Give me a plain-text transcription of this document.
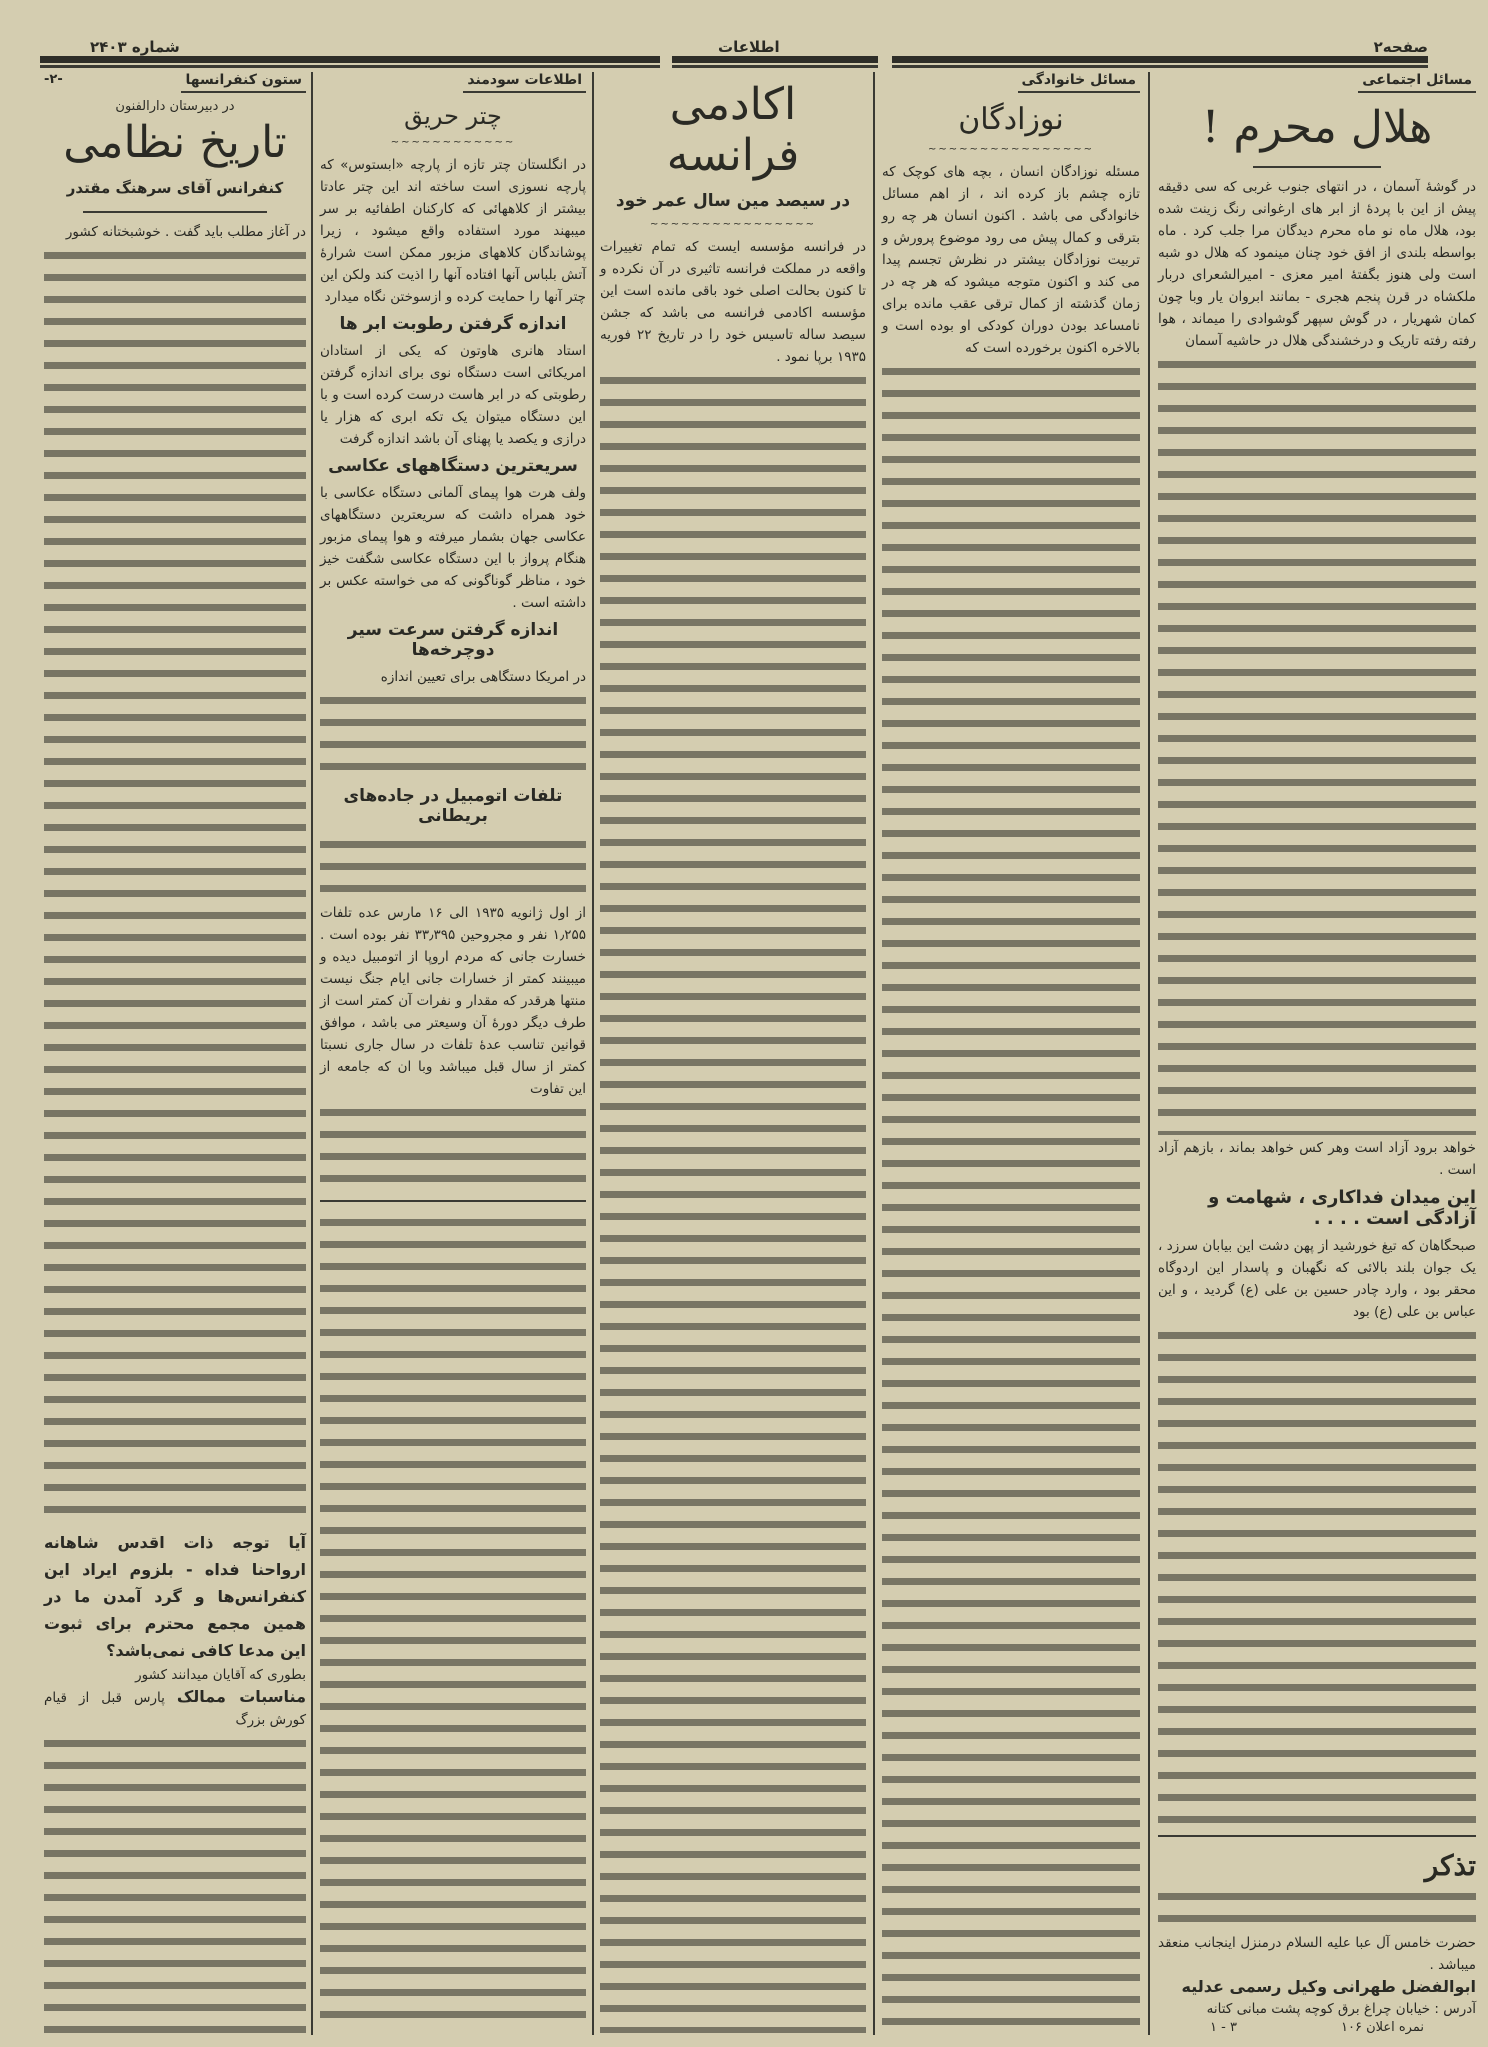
شماره ۲۴۰۳	اطلاعات	صفحه۲
مسائل اجتماعی
هلال محرم !

در گوشهٔ آسمان ، در انتهای جنوب غربی که سی دقیقه پیش از این با پردهٔ از ابر های ارغوانی رنگ زینت شده بود، هلال ماه نو ماه محرم دیدگان مرا جلب کرد . ماه بواسطه بلندی از افق خود چنان مینمود که هلال دو شبه است ولی هنوز بگفتهٔ امیر معزی - امیرالشعرای دربار ملکشاه در قرن پنجم هجری - بمانند ابروان یار وبا چون کمان شهریار ، در گوش سپهر گوشوادی را میماند ، هوا رفته رفته تاریک و درخشندگی هلال در حاشیه آسمان

خواهد برود آزاد است وهر کس خواهد بماند ، بازهم آزاد است .

این میدان فداکاری ، شهامت و آزادگی است . . . .

صبحگاهان که تیغ خورشید از پهن دشت این بیابان سرزد ، یک جوان بلند بالائی که نگهبان و پاسدار این اردوگاه محقر بود ، وارد چادر حسین بن علی (ع) گردید ، و این عباس بن علی (ع) بود

تذکر

حضرت خامس آل عبا علیه السلام درمنزل اینجانب منعقد میباشد .

ابوالفضل طهرانی وکیل رسمی عدلیه

آدرس : خیابان چراغ برق کوچه پشت مبانی کتانه

نمره اعلان ۱۰۶
۳ - ۱
مسائل خانوادگی
نوزادگان
~~~~~~~~~~~~~~~~

مسئله نوزادگان انسان ، بچه های کوچک که تازه چشم باز کرده اند ، از اهم مسائل خانوادگی می باشد . اکنون انسان هر چه رو بترقی و کمال پیش می رود موضوع پرورش و تربیت نوزادگان بیشتر در نظرش تجسم پیدا می کند و اکنون متوجه میشود که هر چه در زمان گذشته از کمال ترقی عقب مانده برای نامساعد بودن دوران کودکی او بوده است و بالاخره اکنون برخورده است که

اکادمی فرانسه
در سیصد مین سال عمر خود
~~~~~~~~~~~~~~~~

در فرانسه مؤسسه ایست که تمام تغییرات واقعه در مملکت فرانسه تاثیری در آن نکرده و تا کنون بحالت اصلی خود باقی مانده است این مؤسسه اکادمی فرانسه می باشد که جشن سیصد ساله تاسیس خود را در تاریخ ۲۲ فوریه ۱۹۳۵ برپا نمود .

اطلاعات سودمند
چتر حریق
~~~~~~~~~~~~

در انگلستان چتر تازه از پارچه «ابستوس» که پارچه نسوزی است ساخته اند این چتر عادتا بیشتر از کلاههائی که کارکنان اطفائیه بر سر میبهند مورد استفاده واقع میشود ، زیرا پوشاندگان کلاههای مزبور ممکن است شرارهٔ آتش بلباس آنها افتاده آنها را اذیت کند ولکن این چتر آنها را حمایت کرده و ازسوختن نگاه میدارد

اندازه گرفتن رطوبت ابر ها

استاد هانری هاوتون که یکی از استادان امریکائی است دستگاه نوی برای اندازه گرفتن رطوبتی که در ابر هاست درست کرده است و با این دستگاه میتوان یک تکه ابری که هزار یا درازی و یکصد یا پهنای آن باشد اندازه گرفت

سریعترین دستگاههای عکاسی

ولف هرت هوا پیمای آلمانی دستگاه عکاسی با خود همراه داشت که سریعترین دستگاههای عکاسی جهان بشمار میرفته و هوا پیمای مزبور هنگام پرواز با این دستگاه عکاسی شگفت خیز خود ، مناظر گوناگونی که می خواسته عکس بر داشته است .

اندازه گرفتن سرعت سیر دوچرخه‌ها

در امریکا دستگاهی برای تعیین اندازه

تلفات اتومبیل در جاده‌های بریطانی

از اول ژانویه ۱۹۳۵ الی ۱۶ مارس عده تلفات ۱٫۲۵۵ نفر و مجروحین ۳۳٫۳۹۵ نفر بوده است . خسارت جانی که مردم اروپا از اتومبیل دیده و میبینند کمتر از خسارات جانی ایام جنگ نیست منتها هرقدر که مقدار و نفرات آن کمتر است از طرف دیگر دورهٔ آن وسیعتر می باشد ، موافق قوانین تناسب عدهٔ تلفات در سال جاری نسبتا کمتر از سال قبل میباشد وبا ان که جامعه از این تفاوت

ستون کنفرانسها
-۲-
در دبیرستان دارالفنون
تاریخ نظامی
کنفرانس آقای سرهنگ مقتدر

در آغاز مطلب باید گفت . خوشبختانه کشور

آیا توجه ذات اقدس شاهانه ارواحنا فداه - بلزوم ایراد این کنفرانس‌ها و گرد آمدن ما در همین مجمع محترم برای ثبوت این مدعا کافی نمی‌باشد؟

بطوری که آقایان میدانند کشور

مناسبات ممالک پارس قبل از قیام کورش بزرگ
